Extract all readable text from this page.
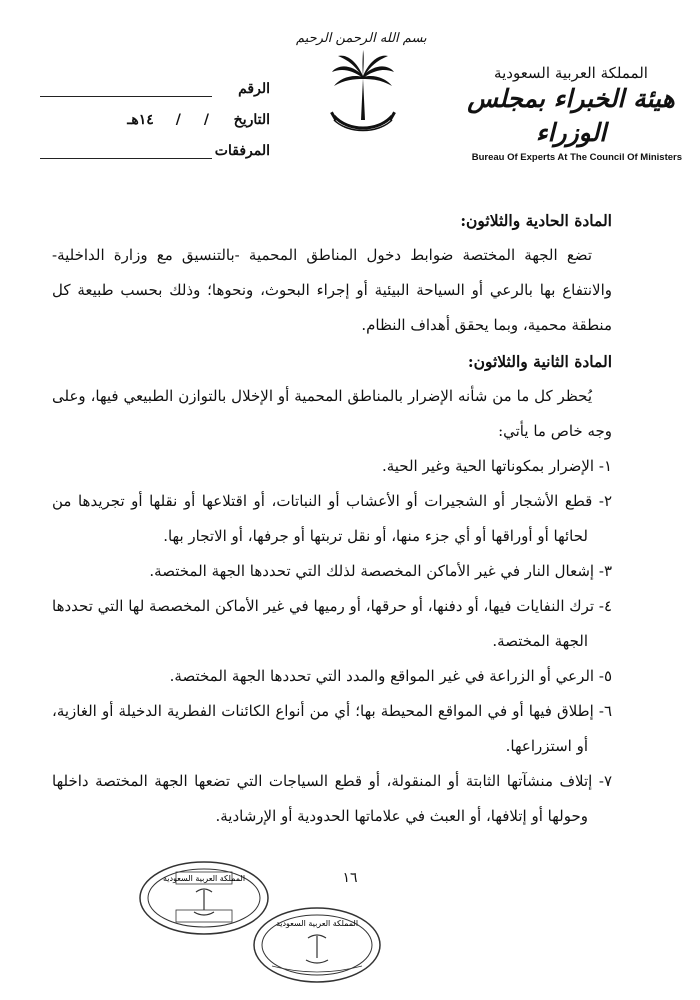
بسم الله الرحمن الرحيم
المملكة العربية السعودية
هيئة الخبراء بمجلس الوزراء
Bureau Of Experts At The Council Of Ministers
الرقم
التاريخ
//١٤هـ
المرفقات
المادة الحادية والثلاثون:
تضع الجهة المختصة ضوابط دخول المناطق المحمية -بالتنسيق مع وزارة الداخلية- والانتفاع بها بالرعي أو السياحة البيئية أو إجراء البحوث، ونحوها؛ وذلك بحسب طبيعة كل منطقة محمية، وبما يحقق أهداف النظام.
المادة الثانية والثلاثون:
يُحظر كل ما من شأنه الإضرار بالمناطق المحمية أو الإخلال بالتوازن الطبيعي فيها، وعلى وجه خاص ما يأتي:
١- الإضرار بمكوناتها الحية وغير الحية.
٢- قطع الأشجار أو الشجيرات أو الأعشاب أو النباتات، أو اقتلاعها أو نقلها أو تجريدها من لحائها أو أوراقها أو أي جزء منها، أو نقل تربتها أو جرفها، أو الاتجار بها.
٣- إشعال النار في غير الأماكن المخصصة لذلك التي تحددها الجهة المختصة.
٤- ترك النفايات فيها، أو دفنها، أو حرقها، أو رميها في غير الأماكن المخصصة لها التي تحددها الجهة المختصة.
٥- الرعي أو الزراعة في غير المواقع والمدد التي تحددها الجهة المختصة.
٦- إطلاق فيها أو في المواقع المحيطة بها؛ أي من أنواع الكائنات الفطرية الدخيلة أو الغازية، أو استزراعها.
٧- إتلاف منشآتها الثابتة أو المنقولة، أو قطع السياجات التي تضعها الجهة المختصة داخلها وحولها أو إتلافها، أو العبث في علاماتها الحدودية أو الإرشادية.
١٦
المملكة العربية السعودية
المملكة العربية السعودية
